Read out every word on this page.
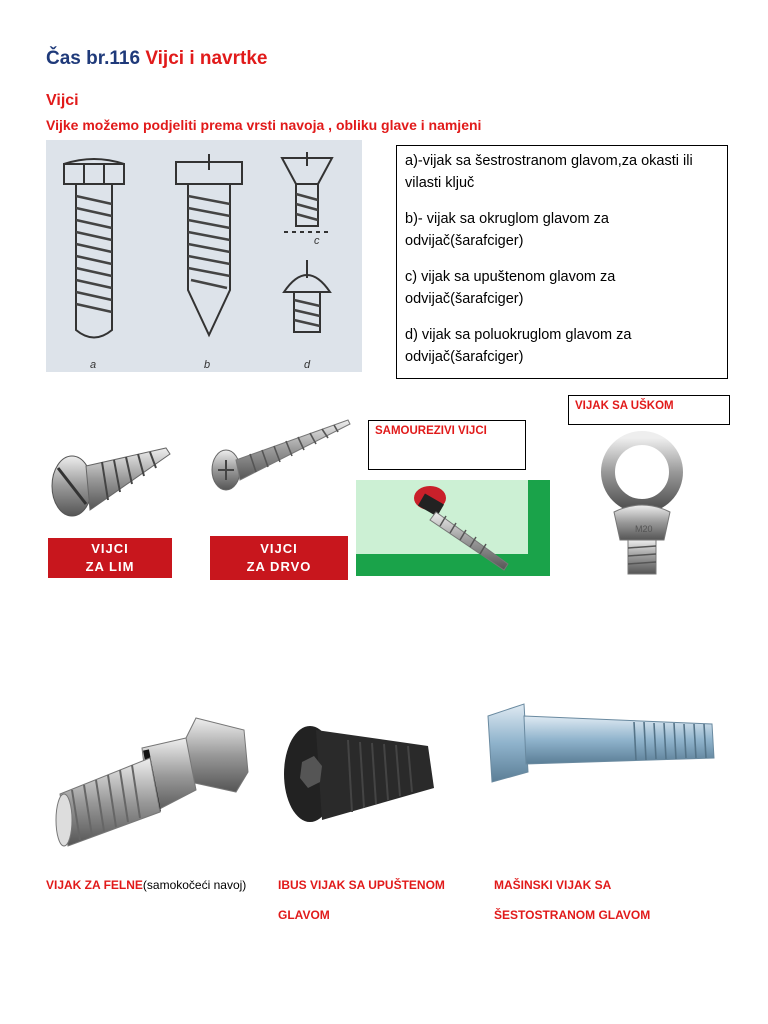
Čas br.116 Vijci i navrtke
Vijci
Vijke možemo podjeliti prema vrsti navoja , obliku glave i namjeni
a	b
c
d

a)-vijak sa šestrostranom glavom,za okasti ili vilasti ključ

b)- vijak sa okruglom glavom za odvijač(šarafciger)

c) vijak sa upuštenom glavom za odvijač(šarafciger)

d) vijak sa poluokruglom glavom za odvijač(šarafciger)

VIJCI
ZA LIM
VIJCI
ZA DRVO
SAMOUREZIVI VIJCI
VIJAK SA UŠKOM
M20
VIJAK ZA FELNE(samokočeći navoj)	IBUS VIJAK SA UPUŠTENOM
GLAVOM
MAŠINSKI VIJAK SA
ŠESTOSTRANOM GLAVOM
